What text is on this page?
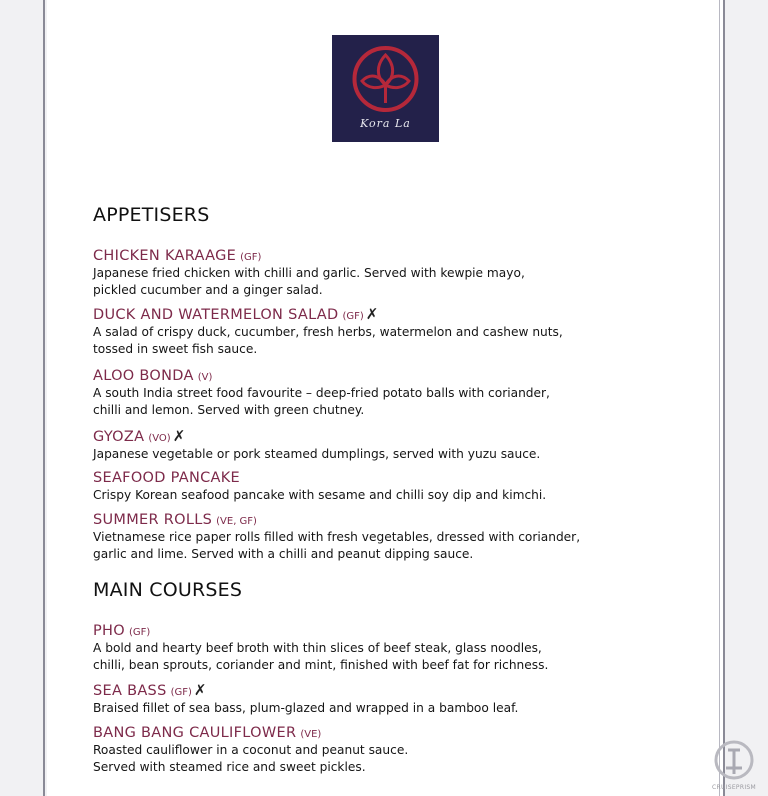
Kora La
APPETISERS
CHICKEN KARAAGE (GF)
Japanese fried chicken with chilli and garlic. Served with kewpie mayo,
pickled cucumber and a ginger salad.
DUCK AND WATERMELON SALAD (GF) ✗
A salad of crispy duck, cucumber, fresh herbs, watermelon and cashew nuts,
tossed in sweet fish sauce.
ALOO BONDA (V)
A south India street food favourite – deep-fried potato balls with coriander,
chilli and lemon. Served with green chutney.
GYOZA (VO) ✗
Japanese vegetable or pork steamed dumplings, served with yuzu sauce.
SEAFOOD PANCAKE
Crispy Korean seafood pancake with sesame and chilli soy dip and kimchi.
SUMMER ROLLS (VE, GF)
Vietnamese rice paper rolls filled with fresh vegetables, dressed with coriander,
garlic and lime. Served with a chilli and peanut dipping sauce.
MAIN COURSES
PHO (GF)
A bold and hearty beef broth with thin slices of beef steak, glass noodles,
chilli, bean sprouts, coriander and mint, finished with beef fat for richness.
SEA BASS (GF) ✗
Braised fillet of sea bass, plum-glazed and wrapped in a bamboo leaf.
BANG BANG CAULIFLOWER (VE)
Roasted cauliflower in a coconut and peanut sauce.
Served with steamed rice and sweet pickles.
CRUISEPRISM
